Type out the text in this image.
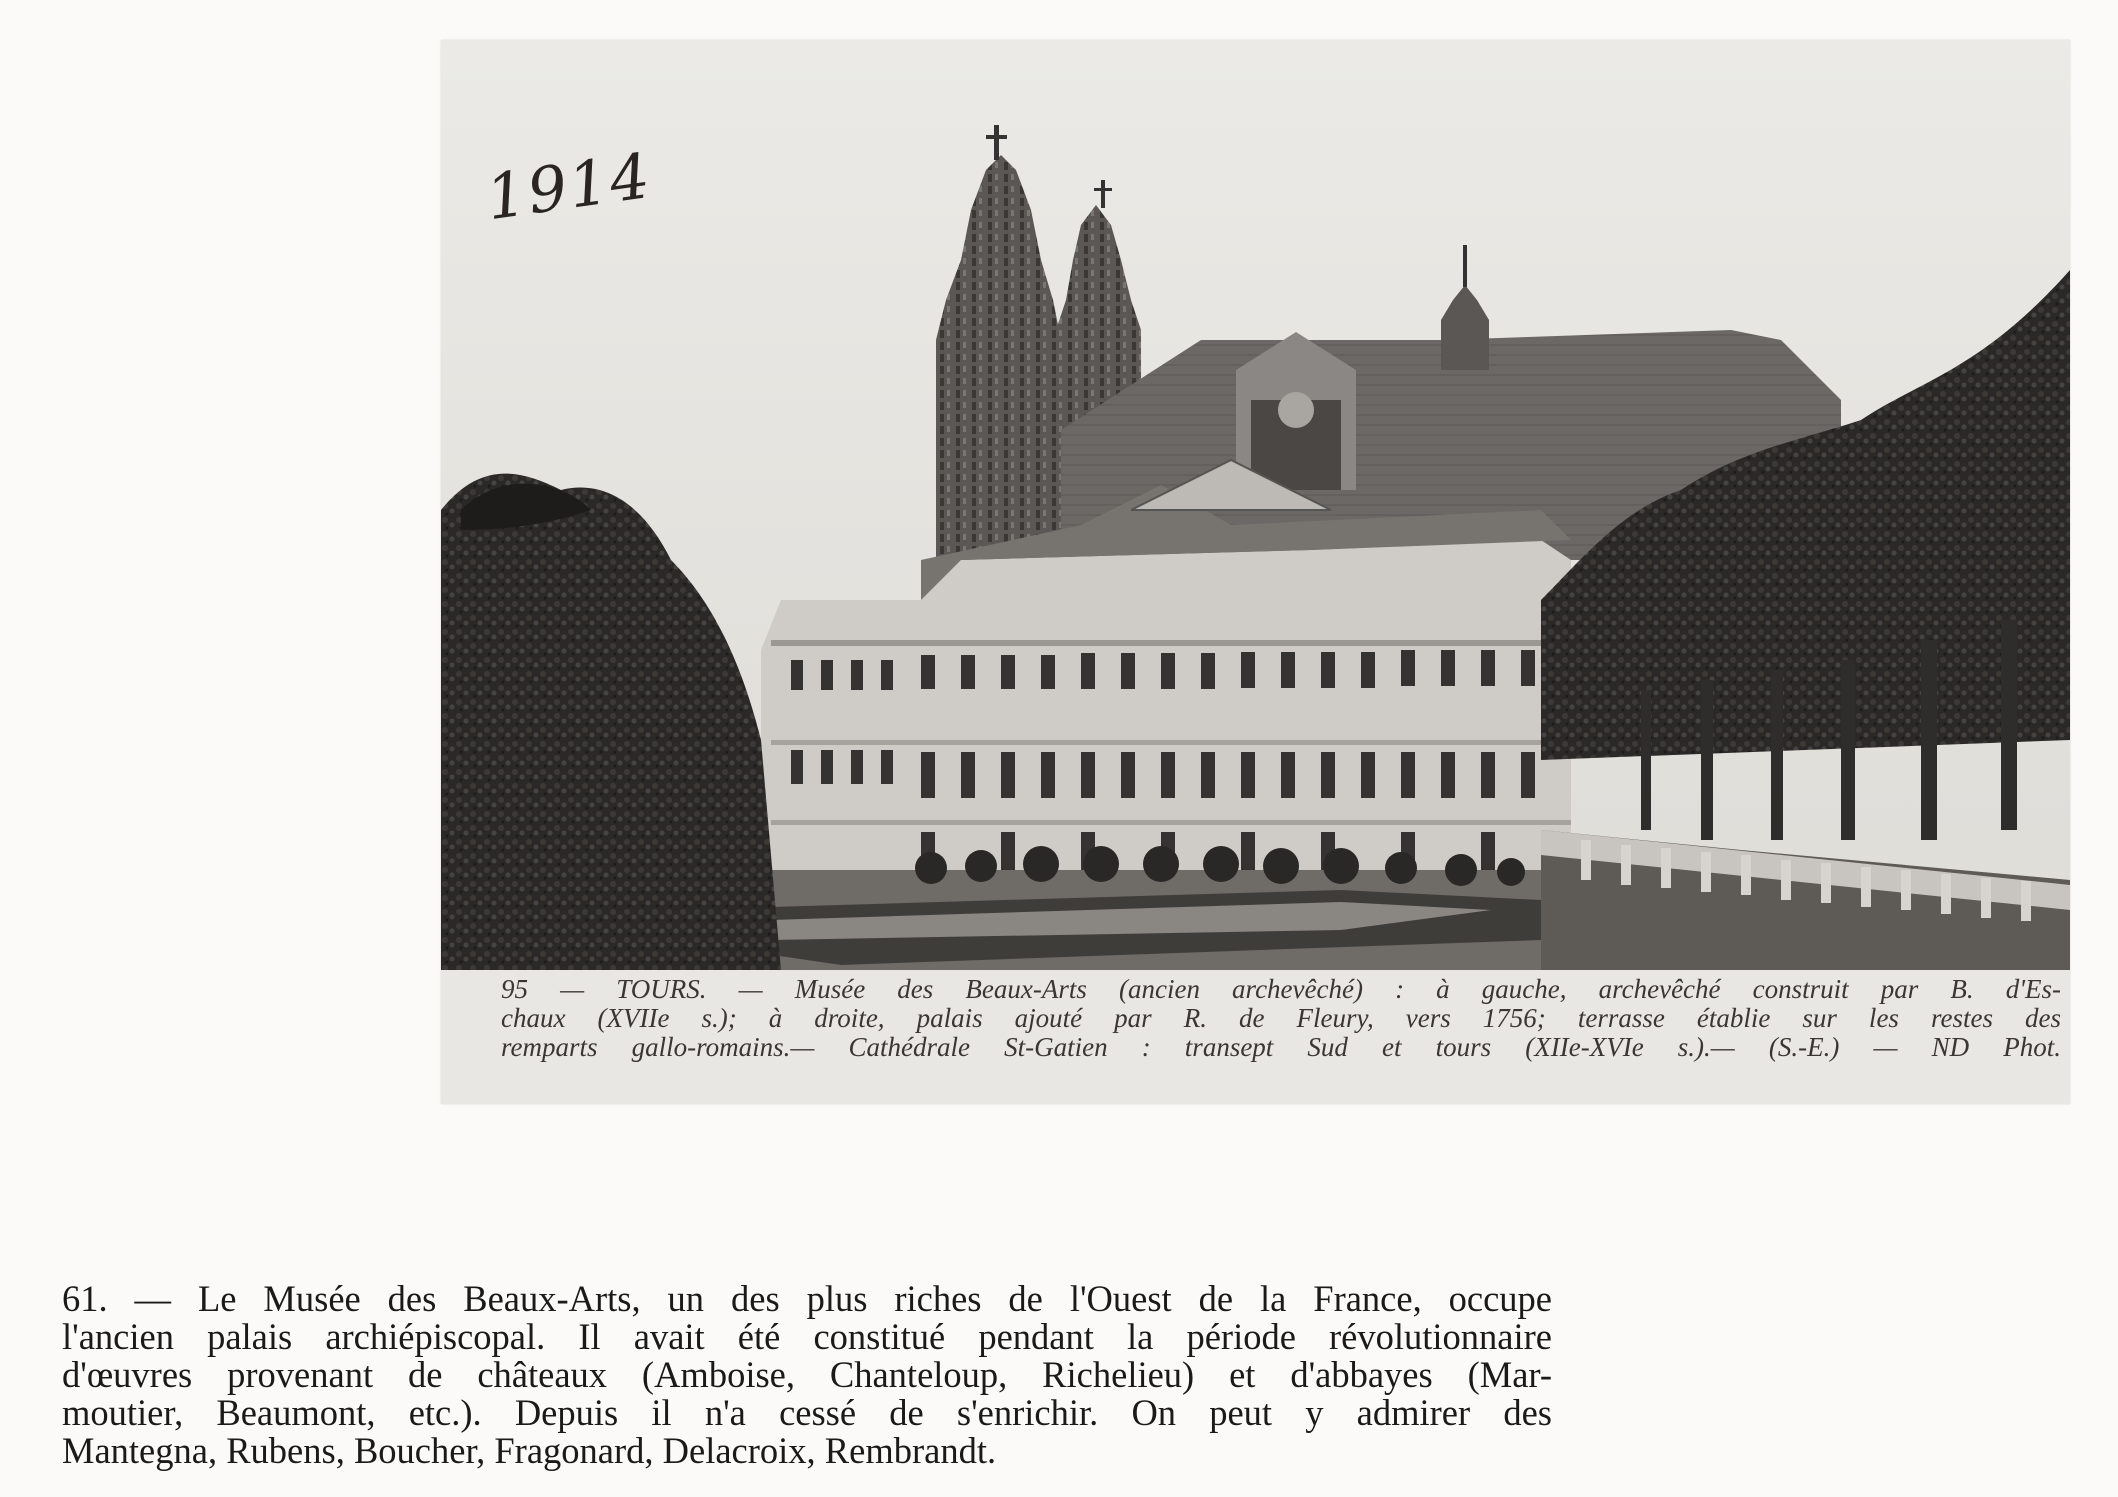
1914
95 — TOURS. — Musée des Beaux-Arts (ancien archevêché) : à gauche, archevêché construit par B. d'Es-
chaux (XVIIe s.); à droite, palais ajouté par R. de Fleury, vers 1756; terrasse établie sur les restes des
remparts gallo-romains.— Cathédrale St-Gatien : transept Sud et tours (XIIe-XVIe s.).— (S.-E.) — ND Phot.
61. — Le Musée des Beaux-Arts, un des plus riches de l'Ouest de la France, occupe
l'ancien palais archiépiscopal. Il avait été constitué pendant la période révolutionnaire
d'œuvres provenant de châteaux (Amboise, Chanteloup, Richelieu) et d'abbayes (Mar-
moutier, Beaumont, etc.). Depuis il n'a cessé de s'enrichir. On peut y admirer des
Mantegna, Rubens, Boucher, Fragonard, Delacroix, Rembrandt.
